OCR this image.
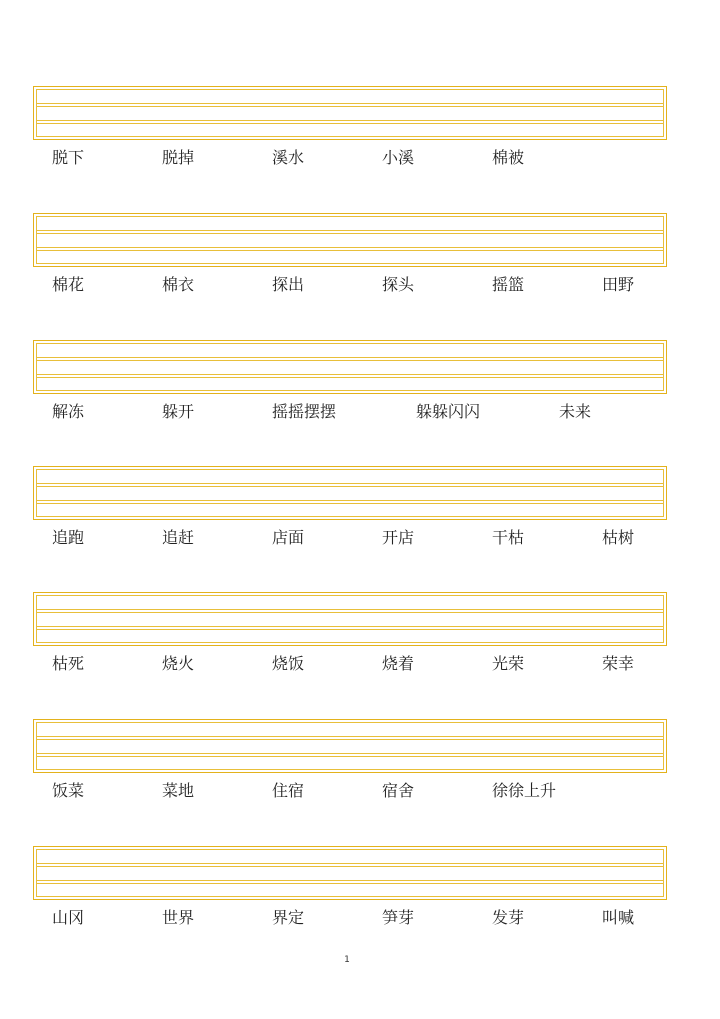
脱下	脱掉	溪水	小溪	棉被
棉花	棉衣	探出	探头	摇篮	田野
解冻	躲开	摇摇摆摆	躲躲闪闪	未来
追跑	追赶	店面	开店	干枯	枯树
枯死	烧火	烧饭	烧着	光荣	荣幸
饭菜	菜地	住宿	宿舍	徐徐上升
山冈	世界	界定	笋芽	发芽	叫喊
1
